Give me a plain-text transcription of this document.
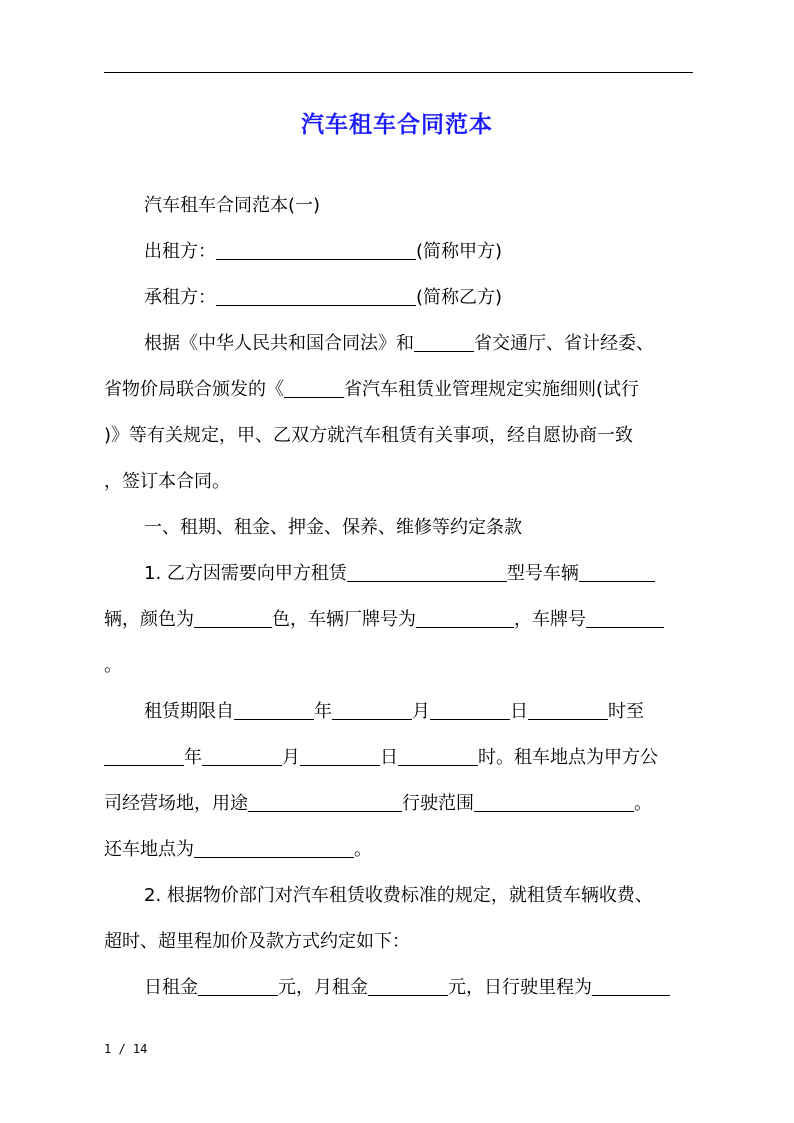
汽车租车合同范本
汽车租车合同范本(一)
出租方：	(简称甲方)
承租方：	(简称乙方)
根据《中华人民共和国合同法》和	省交通厅、省计经委、
省物价局联合颁发的《	省汽车租赁业管理规定实施细则(试行
)》等有关规定，甲、乙双方就汽车租赁有关事项，经自愿协商一致
，签订本合同。
一、租期、租金、押金、保养、维修等约定条款
1. 乙方因需要向甲方租赁	型号车辆
辆，颜色为	色，车辆厂牌号为	，车牌号
。
租赁期限自	年	月	日	时至
年	月	日	时。租车地点为甲方公
司经营场地，用途	行驶范围	。
还车地点为	。
2. 根据物价部门对汽车租赁收费标准的规定，就租赁车辆收费、
超时、超里程加价及款方式约定如下：
日租金	元，月租金	元，日行驶里程为
1 / 14
